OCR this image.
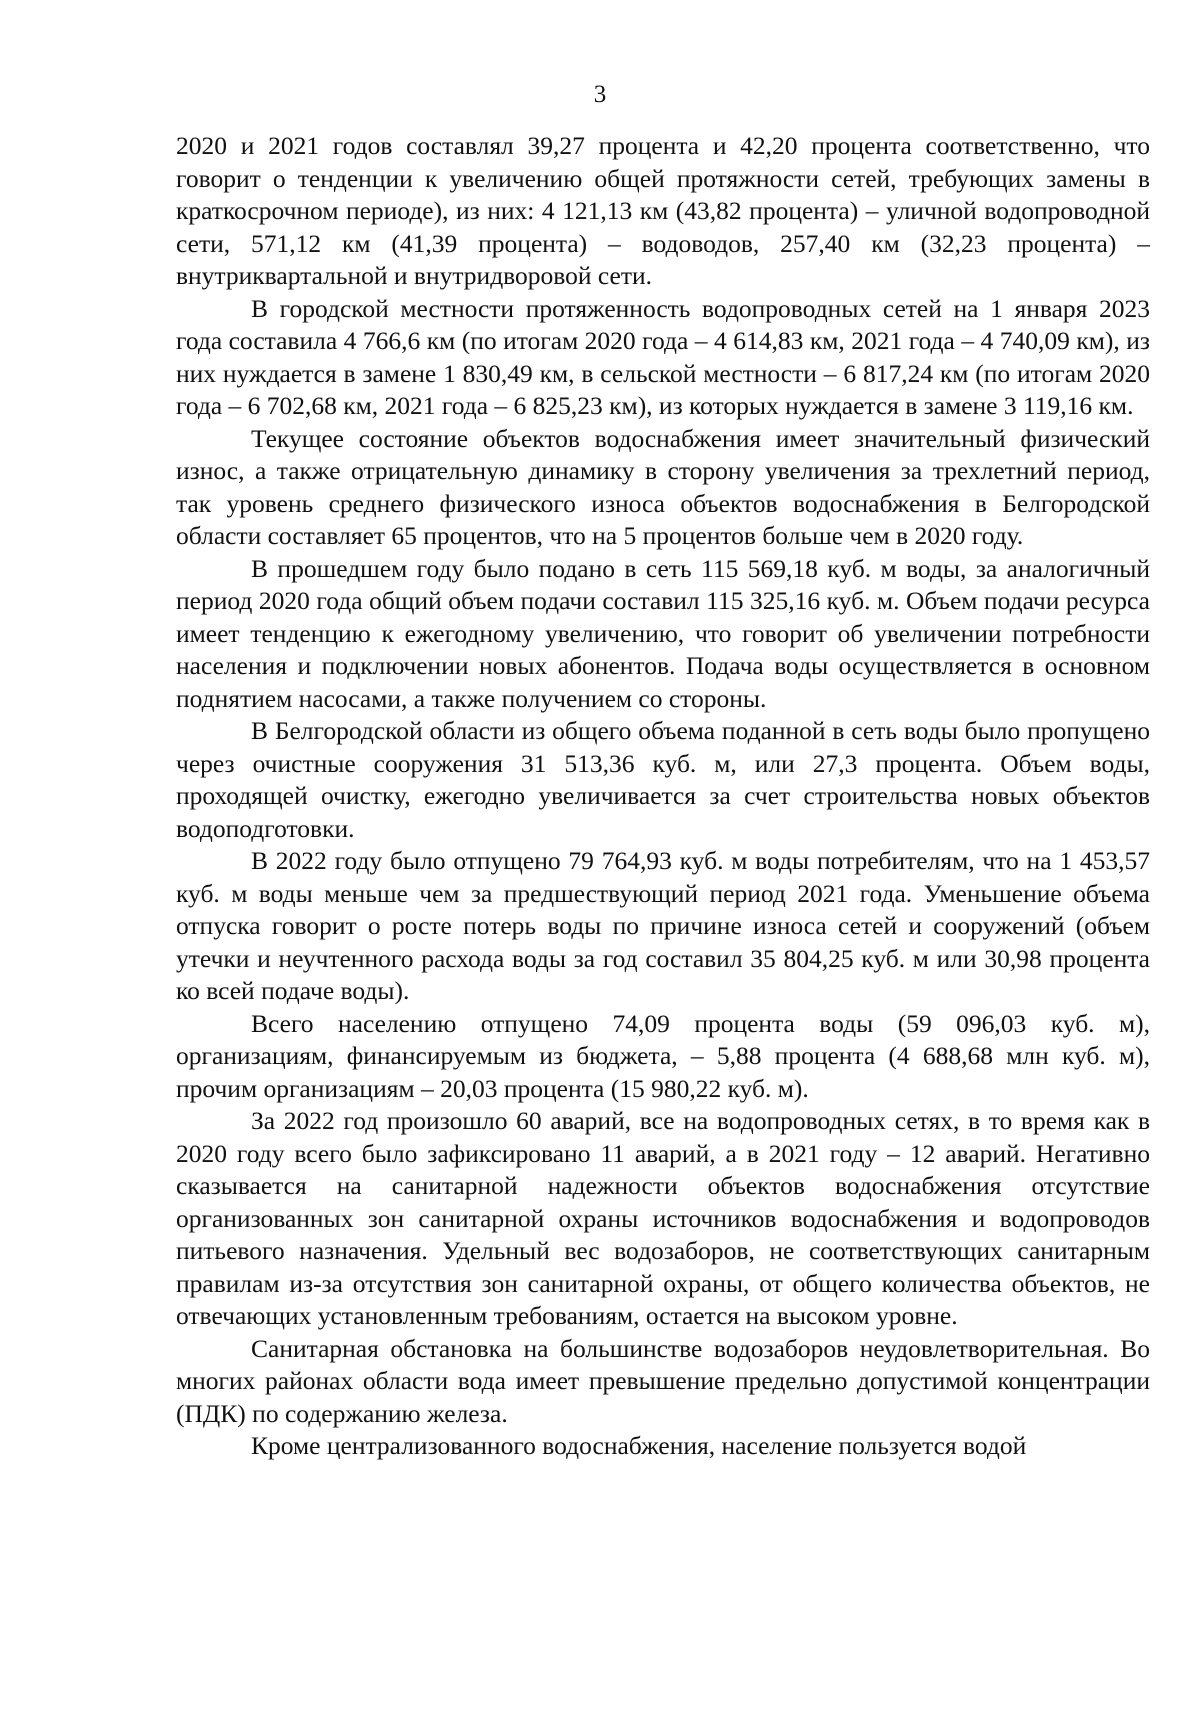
3

2020 и 2021 годов составлял 39,27 процента и 42,20 процента соответственно, что говорит о тенденции к увеличению общей протяжности сетей, требующих замены в краткосрочном периоде), из них: 4 121,13 км (43,82 процента) – уличной водопроводной сети, 571,12 км (41,39 процента) – водоводов, 257,40 км (32,23 процента) – внутриквартальной и внутридворовой сети.

В городской местности протяженность водопроводных сетей на 1 января 2023 года составила 4 766,6 км (по итогам 2020 года – 4 614,83 км, 2021 года – 4 740,09 км), из них нуждается в замене 1 830,49 км, в сельской местности – 6 817,24 км (по итогам 2020 года – 6 702,68 км, 2021 года – 6 825,23 км), из которых нуждается в замене 3 119,16 км.

Текущее состояние объектов водоснабжения имеет значительный физический износ, а также отрицательную динамику в сторону увеличения за трехлетний период, так уровень среднего физического износа объектов водоснабжения в Белгородской области составляет 65 процентов, что на 5 процентов больше чем в 2020 году.

В прошедшем году было подано в сеть 115 569,18 куб. м воды, за аналогичный период 2020 года общий объем подачи составил 115 325,16 куб. м. Объем подачи ресурса имеет тенденцию к ежегодному увеличению, что говорит об увеличении потребности населения и подключении новых абонентов. Подача воды осуществляется в основном поднятием насосами, а также получением со стороны.

В Белгородской области из общего объема поданной в сеть воды было пропущено через очистные сооружения 31 513,36 куб. м, или 27,3 процента. Объем воды, проходящей очистку, ежегодно увеличивается за счет строительства новых объектов водоподготовки.

В 2022 году было отпущено 79 764,93 куб. м воды потребителям, что на 1 453,57 куб. м воды меньше чем за предшествующий период 2021 года. Уменьшение объема отпуска говорит о росте потерь воды по причине износа сетей и сооружений (объем утечки и неучтенного расхода воды за год составил 35 804,25 куб. м или 30,98 процента ко всей подаче воды).

Всего населению отпущено 74,09 процента воды (59 096,03 куб. м), организациям, финансируемым из бюджета, – 5,88 процента (4 688,68 млн куб. м), прочим организациям – 20,03 процента (15 980,22 куб. м).

За 2022 год произошло 60 аварий, все на водопроводных сетях, в то время как в 2020 году всего было зафиксировано 11 аварий, а в 2021 году – 12 аварий. Негативно сказывается на санитарной надежности объектов водоснабжения отсутствие организованных зон санитарной охраны источников водоснабжения и водопроводов питьевого назначения. Удельный вес водозаборов, не соответствующих санитарным правилам из-за отсутствия зон санитарной охраны, от общего количества объектов, не отвечающих установленным требованиям, остается на высоком уровне.

Санитарная обстановка на большинстве водозаборов неудовлетворительная. Во многих районах области вода имеет превышение предельно допустимой концентрации (ПДК) по содержанию железа.

Кроме централизованного водоснабжения, население пользуется водой
